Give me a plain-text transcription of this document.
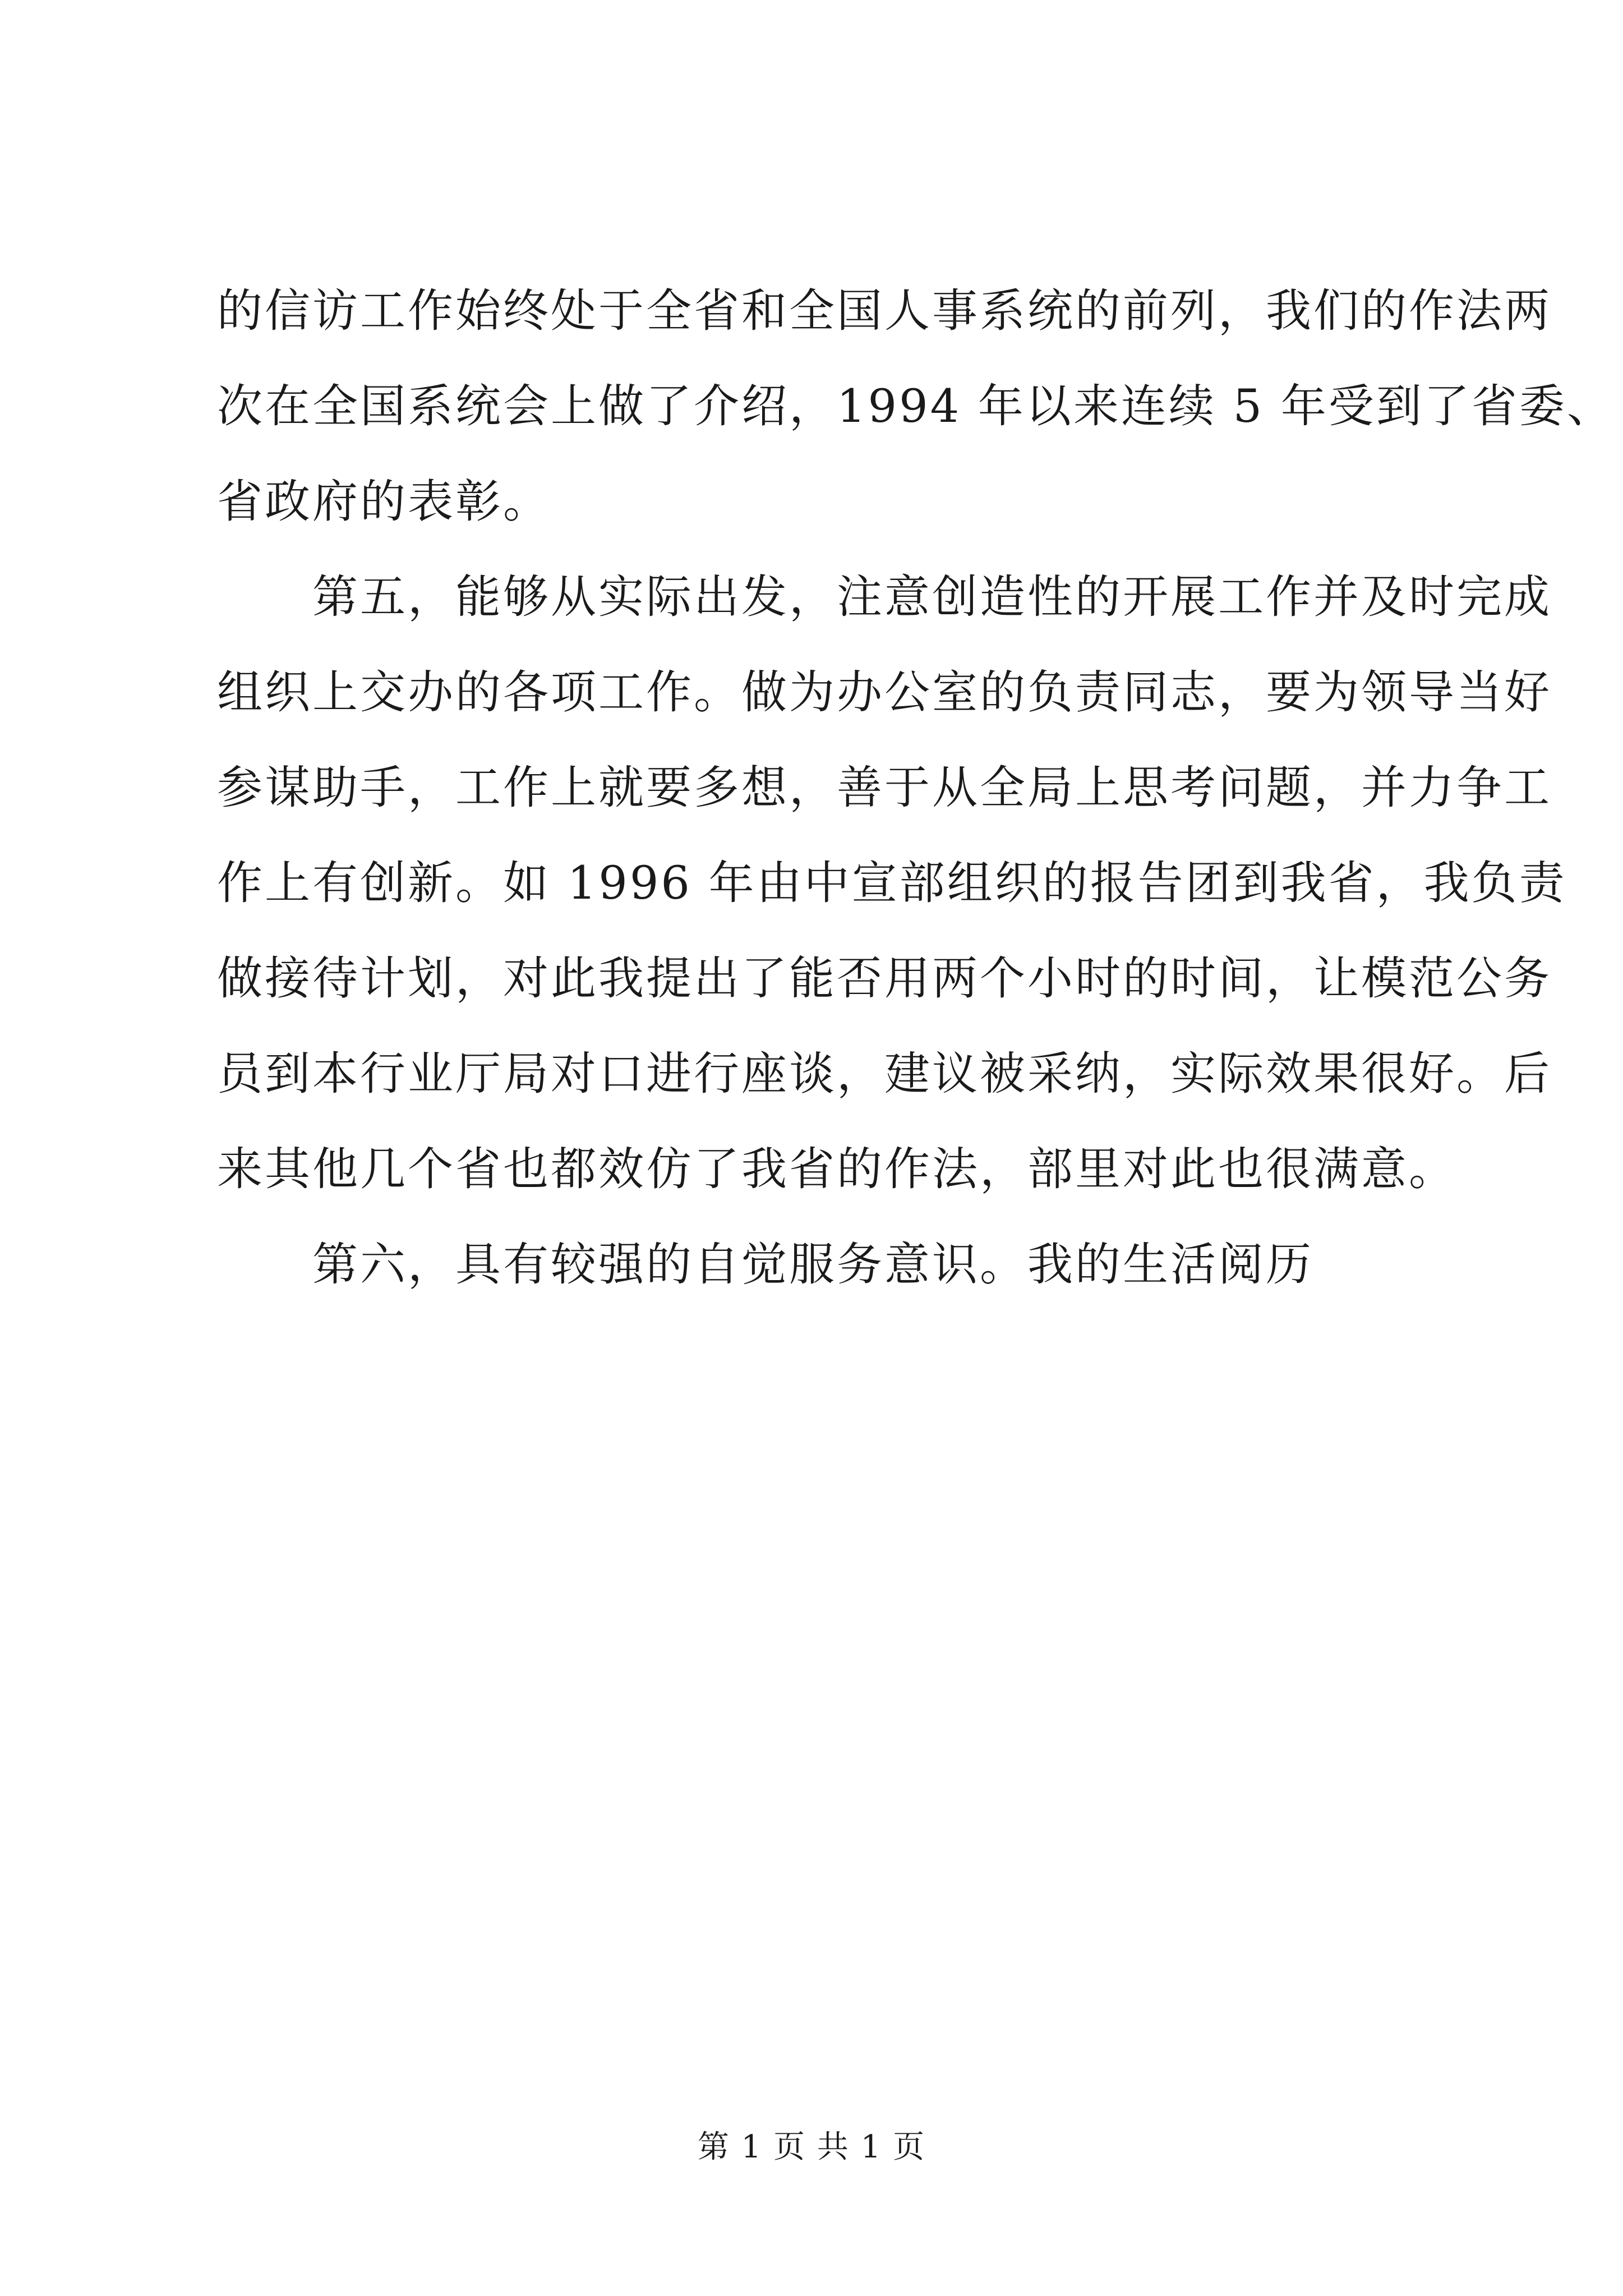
的信访工作始终处于全省和全国人事系统的前列，我们的作法两
次在全国系统会上做了介绍，1994 年以来连续 5 年受到了省委、
省政府的表彰。
第五，能够从实际出发，注意创造性的开展工作并及时完成
组织上交办的各项工作。做为办公室的负责同志，要为领导当好
参谋助手，工作上就要多想，善于从全局上思考问题，并力争工
作上有创新。如 1996 年由中宣部组织的报告团到我省，我负责
做接待计划，对此我提出了能否用两个小时的时间，让模范公务
员到本行业厅局对口进行座谈，建议被采纳，实际效果很好。后
来其他几个省也都效仿了我省的作法，部里对此也很满意。
第六，具有较强的自觉服务意识。我的生活阅历
第 1 页 共 1 页
